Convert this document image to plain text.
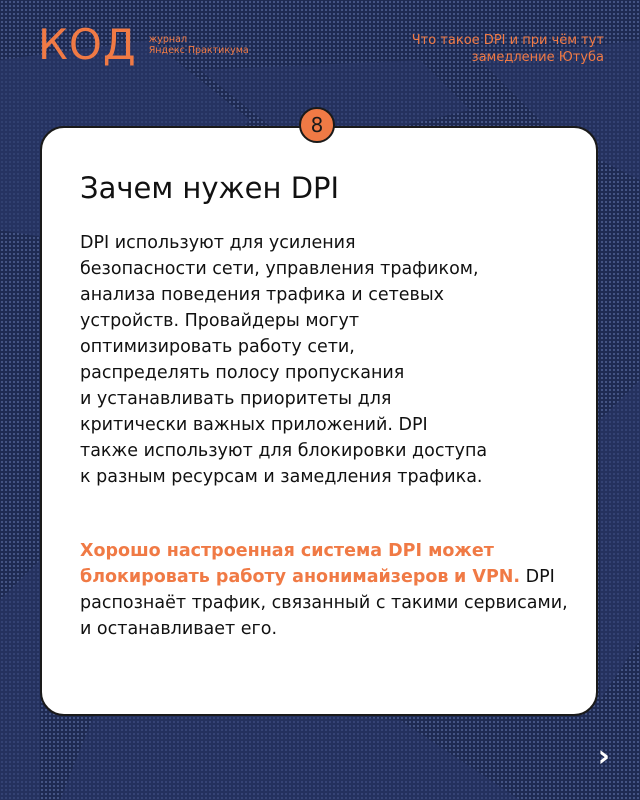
КОД журнал
Яндекс Практикума
Что такое DPI и при чём тут
замедление Ютуба
8
Зачем нужен DPI

DPI используют для усиления
безопасности сети, управления трафиком,
анализа поведения трафика и сетевых
устройств. Провайдеры могут
оптимизировать работу сети,
распределять полосу пропускания
и устанавливать приоритеты для
критически важных приложений. DPI
также используют для блокировки доступа
к разным ресурсам и замедления трафика.

Хорошо настроенная система DPI может блокировать работу анонимайзеров и VPN. DPI распознаёт трафик, связанный с такими сервисами, и останавливает его.

›
